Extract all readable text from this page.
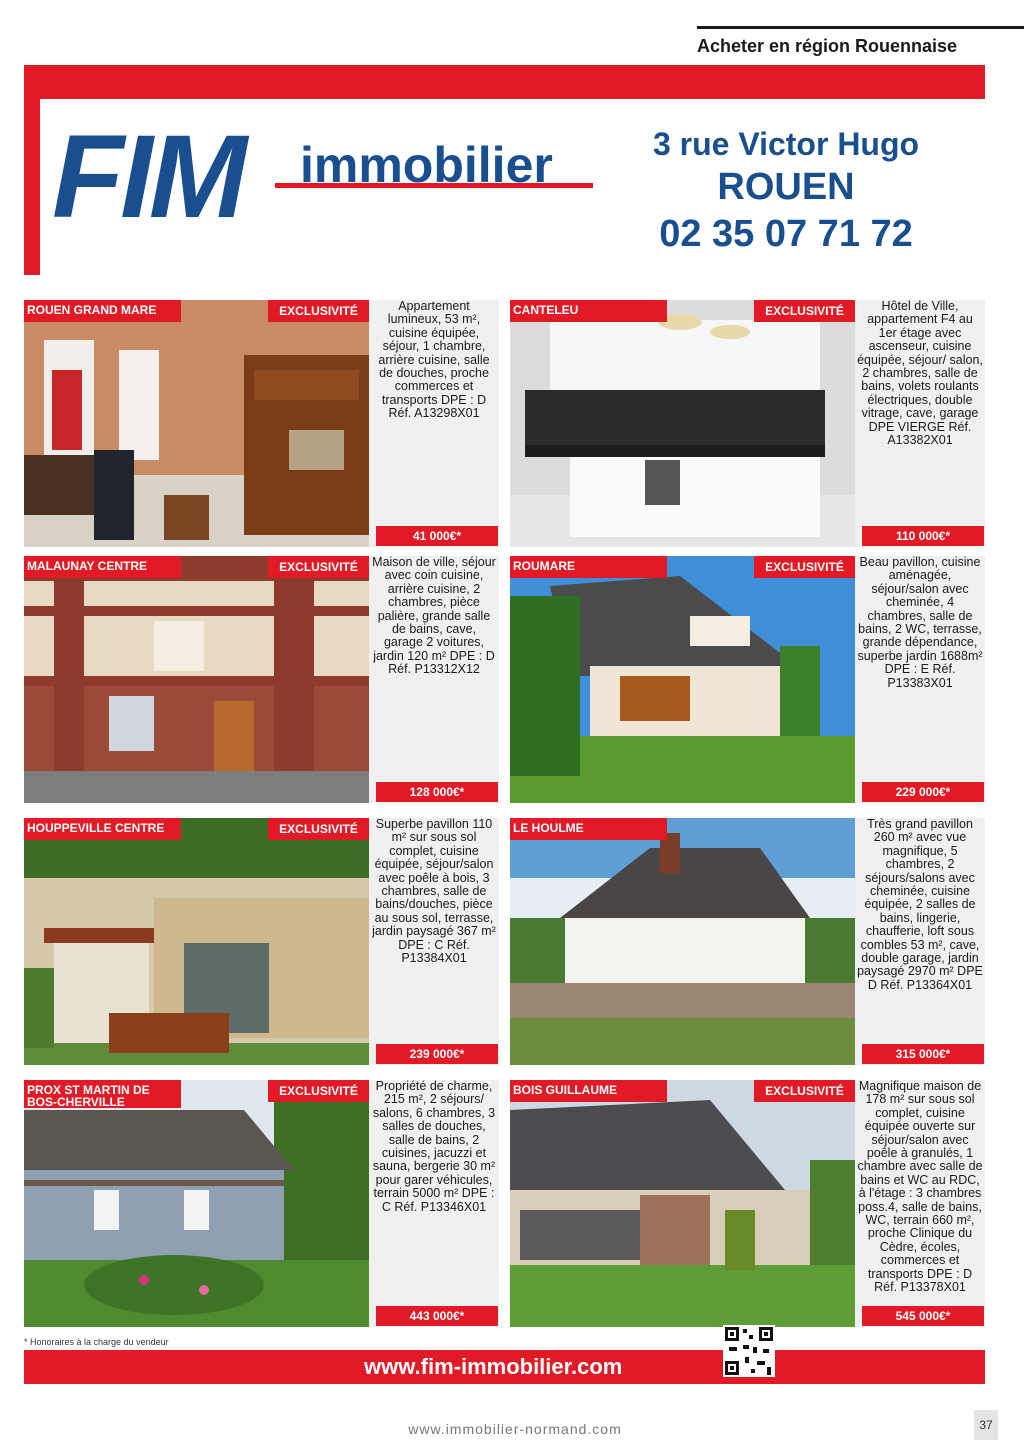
Acheter en région Rouennaise
FIM immobilier	3 rue Victor Hugo
ROUEN
02 35 07 71 72
ROUEN GRAND MARE	EXCLUSIVITÉ	Appartement lumineux, 53 m², cuisine équipée, séjour, 1 chambre, arrière cuisine, salle de douches, proche commerces et transports DPE : D Réf. A13298X01
41 000€*
CANTELEU	EXCLUSIVITÉ	Hôtel de Ville, appartement F4 au 1er étage avec ascenseur, cuisine équipée, séjour/ salon, 2 chambres, salle de bains, volets roulants électriques, double vitrage, cave, garage DPE VIERGE Réf. A13382X01
110 000€*
MALAUNAY CENTRE	EXCLUSIVITÉ	Maison de ville, séjour avec coin cuisine, arrière cuisine, 2 chambres, pièce palière, grande salle de bains, cave, garage 2 voitures, jardin 120 m² DPE : D Réf. P13312X12
128 000€*
ROUMARE	EXCLUSIVITÉ	Beau pavillon, cuisine aménagée, séjour/salon avec cheminée, 4 chambres, salle de bains, 2 WC, terrasse, grande dépendance, superbe jardin 1688m² DPE : E Réf. P13383X01
229 000€*
HOUPPEVILLE CENTRE	EXCLUSIVITÉ	Superbe pavillon 110 m² sur sous sol complet, cuisine équipée, séjour/salon avec poêle à bois, 3 chambres, salle de bains/douches, pièce au sous sol, terrasse, jardin paysagé 367 m² DPE : C Réf. P13384X01
239 000€*
LE HOULME	Très grand pavillon 260 m² avec vue magnifique, 5 chambres, 2 séjours/salons avec cheminée, cuisine équipée, 2 salles de bains, lingerie, chaufferie, loft sous combles 53 m², cave, double garage, jardin paysagé 2970 m² DPE D Réf. P13364X01
315 000€*
PROX ST MARTIN DE BOS-CHERVILLE
EXCLUSIVITÉ	Propriété de charme, 215 m², 2 séjours/ salons, 6 chambres, 3 salles de douches, salle de bains, 2 cuisines, jacuzzi et sauna, bergerie 30 m² pour garer véhicules, terrain 5000 m² DPE : C Réf. P13346X01
443 000€*
BOIS GUILLAUME	EXCLUSIVITÉ	Magnifique maison de 178 m² sur sous sol complet, cuisine équipée ouverte sur séjour/salon avec poêle à granulés, 1 chambre avec salle de bains et WC au RDC, à l'étage : 3 chambres poss.4, salle de bains, WC, terrain 660 m², proche Clinique du Cèdre, écoles, commerces et transports DPE : D Réf. P13378X01
545 000€*
* Honoraires à la charge du vendeur
www.fim-immobilier.com
www.immobilier-normand.com	37
